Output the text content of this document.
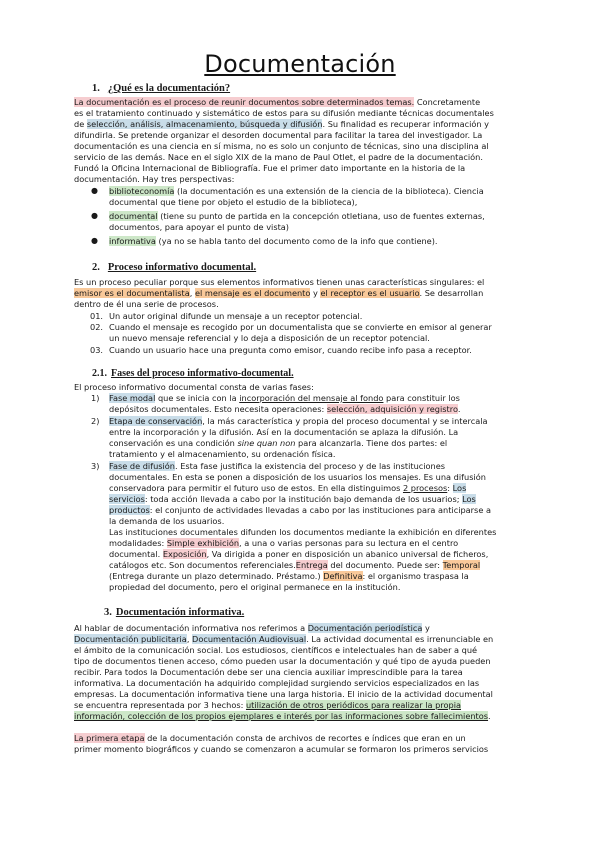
Documentación
1. ¿Qué es la documentación?
La documentación es el proceso de reunir documentos sobre determinados temas. Concretamente
es el tratamiento continuado y sistemático de estos para su difusión mediante técnicas documentales
de selección, análisis, almacenamiento, búsqueda y difusión. Su finalidad es recuperar información y
difundirla. Se pretende organizar el desorden documental para facilitar la tarea del investigador. La
documentación es una ciencia en sí misma, no es solo un conjunto de técnicas, sino una disciplina al
servicio de las demás. Nace en el siglo XIX de la mano de Paul Otlet, el padre de la documentación.
Fundó la Oficina Internacional de Bibliografía. Fue el primer dato importante en la historia de la
documentación. Hay tres perspectivas:
● biblioteconomía (la documentación es una extensión de la ciencia de la biblioteca). Ciencia
documental que tiene por objeto el estudio de la biblioteca),
● documental (tiene su punto de partida en la concepción otletiana, uso de fuentes externas,
documentos, para apoyar el punto de vista)
● informativa (ya no se habla tanto del documento como de la info que contiene).
2. Proceso informativo documental.
Es un proceso peculiar porque sus elementos informativos tienen unas características singulares: el
emisor es el documentalista, el mensaje es el documento y el receptor es el usuario. Se desarrollan
dentro de él una serie de procesos.
01. Un autor original difunde un mensaje a un receptor potencial.
02. Cuando el mensaje es recogido por un documentalista que se convierte en emisor al generar
un nuevo mensaje referencial y lo deja a disposición de un receptor potencial.
03. Cuando un usuario hace una pregunta como emisor, cuando recibe info pasa a receptor.
2.1. Fases del proceso informativo-documental.
El proceso informativo documental consta de varias fases:
1) Fase modal que se inicia con la incorporación del mensaje al fondo para constituir los
depósitos documentales. Esto necesita operaciones: selección, adquisición y registro.
2) Etapa de conservación, la más característica y propia del proceso documental y se intercala
entre la incorporación y la difusión. Así en la documentación se aplaza la difusión. La
conservación es una condición sine quan non para alcanzarla. Tiene dos partes: el
tratamiento y el almacenamiento, su ordenación física.
3) Fase de difusión. Esta fase justifica la existencia del proceso y de las instituciones
documentales. En esta se ponen a disposición de los usuarios los mensajes. Es una difusión
conservadora para permitir el futuro uso de estos. En ella distinguimos 2 procesos: Los
servicios: toda acción llevada a cabo por la institución bajo demanda de los usuarios; Los
productos: el conjunto de actividades llevadas a cabo por las instituciones para anticiparse a
la demanda de los usuarios.
Las instituciones documentales difunden los documentos mediante la exhibición en diferentes
modalidades: Simple exhibición, a una o varias personas para su lectura en el centro
documental. Exposición, Va dirigida a poner en disposición un abanico universal de ficheros,
catálogos etc. Son documentos referenciales.Entrega del documento. Puede ser: Temporal
(Entrega durante un plazo determinado. Préstamo.) Definitiva: el organismo traspasa la
propiedad del documento, pero el original permanece en la institución.
3. Documentación informativa.
Al hablar de documentación informativa nos referimos a Documentación periodística y
Documentación publicitaria, Documentación Audiovisual. La actividad documental es irrenunciable en
el ámbito de la comunicación social. Los estudiosos, científicos e intelectuales han de saber a qué
tipo de documentos tienen acceso, cómo pueden usar la documentación y qué tipo de ayuda pueden
recibir. Para todos la Documentación debe ser una ciencia auxiliar imprescindible para la tarea
informativa. La documentación ha adquirido complejidad surgiendo servicios especializados en las
empresas. La documentación informativa tiene una larga historia. El inicio de la actividad documental
se encuentra representada por 3 hechos: utilización de otros periódicos para realizar la propia
información, colección de los propios ejemplares e interés por las informaciones sobre fallecimientos.
La primera etapa de la documentación consta de archivos de recortes e índices que eran en un
primer momento biográficos y cuando se comenzaron a acumular se formaron los primeros servicios
